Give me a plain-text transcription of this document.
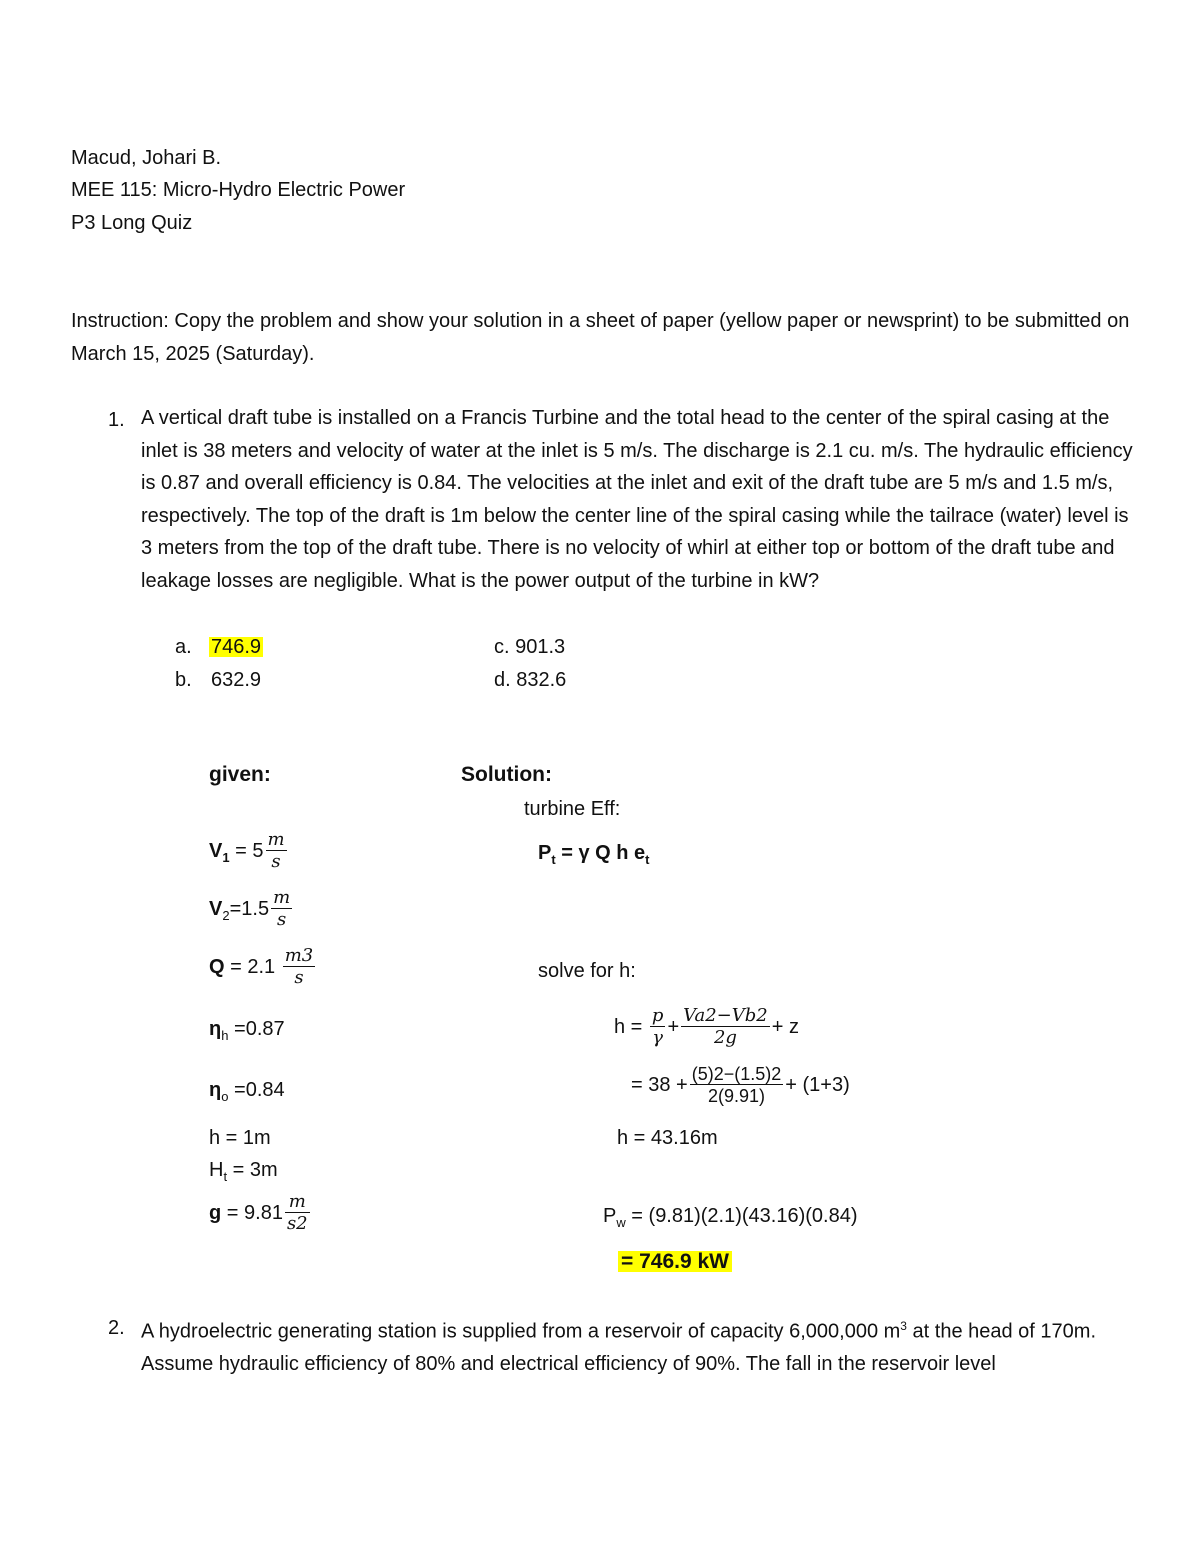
Macud, Johari B.
MEE 115: Micro-Hydro Electric Power
P3 Long Quiz
Instruction: Copy the problem and show your solution in a sheet of paper (yellow paper or newsprint) to be submitted on March 15, 2025 (Saturday).
1. A vertical draft tube is installed on a Francis Turbine and the total head to the center of the spiral casing at the inlet is 38 meters and velocity of water at the inlet is 5 m/s. The discharge is 2.1 cu. m/s. The hydraulic efficiency is 0.87 and overall efficiency is 0.84. The velocities at the inlet and exit of the draft tube are 5 m/s and 1.5 m/s, respectively. The top of the draft is 1m below the center line of the spiral casing while the tailrace (water) level is 3 meters from the top of the draft tube. There is no velocity of whirl at either top or bottom of the draft tube and leakage losses are negligible. What is the power output of the turbine in kW?
a. 746.9
b. 632.9
c. 901.3
d. 832.6
given:
$V_1 = 5 \frac{m}{s}$
$V_2=1.5 \frac{m}{s}$
$Q = 2.1 \frac{m3}{s}$
$\eta_h =0.87$
$\eta_o =0.84$
h = 1m
$H_t = 3m$
$g = 9.81 \frac{m}{s2}$
Solution:
turbine Eff:
$P_t = \gamma$ Q h $e_t$
solve for h:
$h = \frac{p}{\gamma} + \frac{Va2-Vb2}{2g} + z$
= $38 + \frac{(5)2-(1.5)2}{2(9.91)} + (1+3)$
h = 43.16m
$P_w = (9.81)(2.1)(43.16)(0.84)$
= 746.9 kW
2. A hydroelectric generating station is supplied from a reservoir of capacity 6,000,000 $m^3$ at the head of 170m. Assume hydraulic efficiency of 80% and electrical efficiency of 90%. The fall in the reservoir level
